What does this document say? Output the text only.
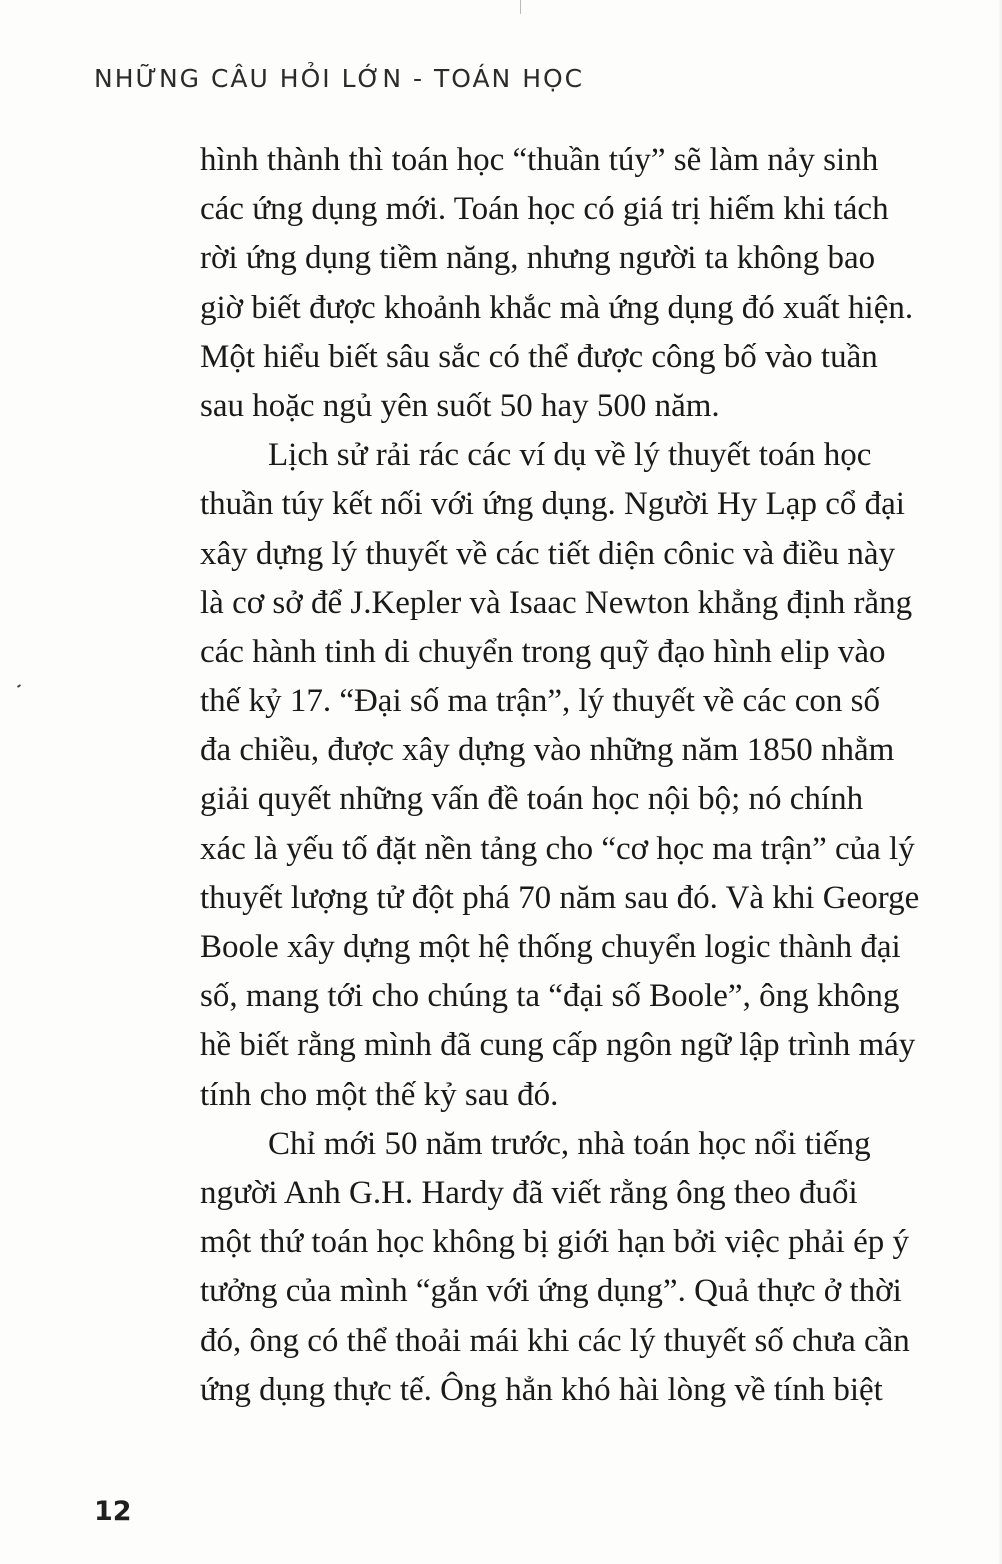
NHỮNG CÂU HỎI LỚN - TOÁN HỌC
hình thành thì toán học “thuần túy” sẽ làm nảy sinh
các ứng dụng mới. Toán học có giá trị hiếm khi tách
rời ứng dụng tiềm năng, nhưng người ta không bao
giờ biết được khoảnh khắc mà ứng dụng đó xuất hiện.
Một hiểu biết sâu sắc có thể được công bố vào tuần
sau hoặc ngủ yên suốt 50 hay 500 năm.
Lịch sử rải rác các ví dụ về lý thuyết toán học
thuần túy kết nối với ứng dụng. Người Hy Lạp cổ đại
xây dựng lý thuyết về các tiết diện cônic và điều này
là cơ sở để J.Kepler và Isaac Newton khẳng định rằng
các hành tinh di chuyển trong quỹ đạo hình elip vào
thế kỷ 17. “Đại số ma trận”, lý thuyết về các con số
đa chiều, được xây dựng vào những năm 1850 nhằm
giải quyết những vấn đề toán học nội bộ; nó chính
xác là yếu tố đặt nền tảng cho “cơ học ma trận” của lý
thuyết lượng tử đột phá 70 năm sau đó. Và khi George
Boole xây dựng một hệ thống chuyển logic thành đại
số, mang tới cho chúng ta “đại số Boole”, ông không
hề biết rằng mình đã cung cấp ngôn ngữ lập trình máy
tính cho một thế kỷ sau đó.
Chỉ mới 50 năm trước, nhà toán học nổi tiếng
người Anh G.H. Hardy đã viết rằng ông theo đuổi
một thứ toán học không bị giới hạn bởi việc phải ép ý
tưởng của mình “gắn với ứng dụng”. Quả thực ở thời
đó, ông có thể thoải mái khi các lý thuyết số chưa cần
ứng dụng thực tế. Ông hẳn khó hài lòng về tính biệt
12
